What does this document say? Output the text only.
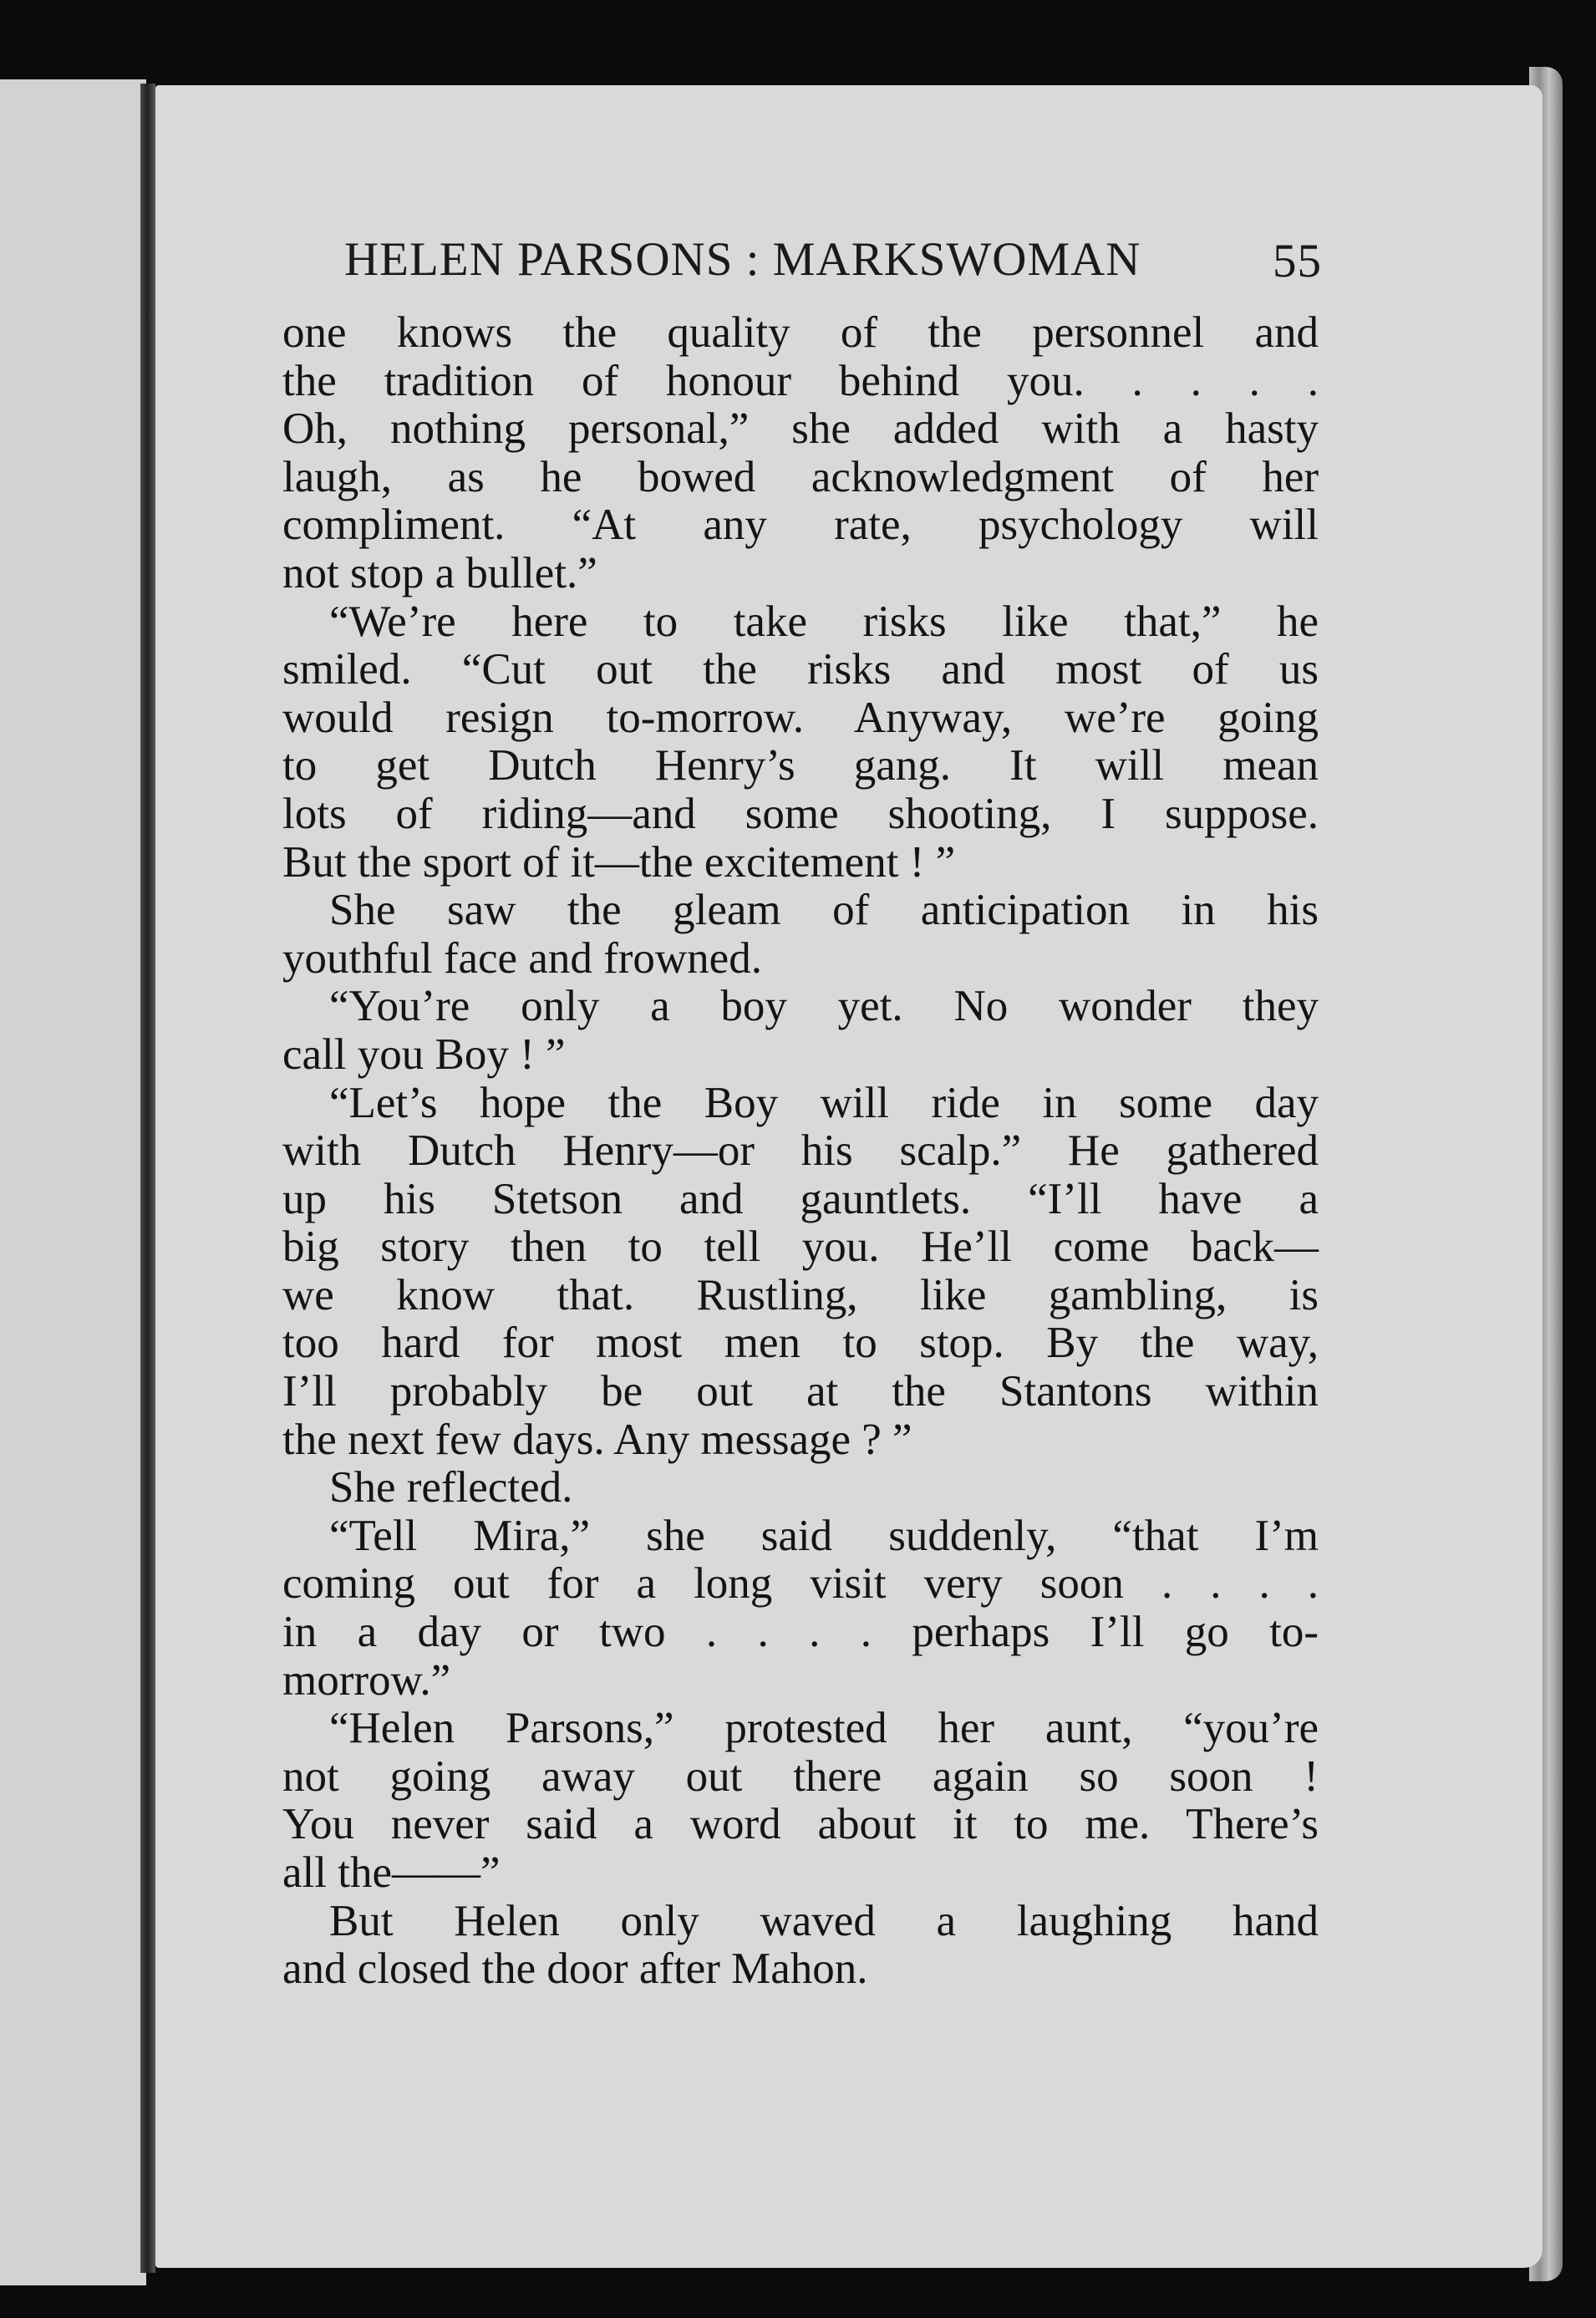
HELEN PARSONS : MARKSWOMAN	55
one knows the quality of the personnel and
the tradition of honour behind you. . . . .
Oh, nothing personal,” she added with a hasty
laugh, as he bowed acknowledgment of her
compliment. “At any rate, psychology will
not stop a bullet.”
“We’re here to take risks like that,” he
smiled. “Cut out the risks and most of us
would resign to-morrow. Anyway, we’re going
to get Dutch Henry’s gang. It will mean
lots of riding—and some shooting, I suppose.
But the sport of it—the excitement ! ”
She saw the gleam of anticipation in his
youthful face and frowned.
“You’re only a boy yet. No wonder they
call you Boy ! ”
“Let’s hope the Boy will ride in some day
with Dutch Henry—or his scalp.” He gathered
up his Stetson and gauntlets. “I’ll have a
big story then to tell you. He’ll come back—
we know that. Rustling, like gambling, is
too hard for most men to stop. By the way,
I’ll probably be out at the Stantons within
the next few days. Any message ? ”
She reflected.
“Tell Mira,” she said suddenly, “that I’m
coming out for a long visit very soon . . . .
in a day or two . . . . perhaps I’ll go to-
morrow.”
“Helen Parsons,” protested her aunt, “you’re
not going away out there again so soon !
You never said a word about it to me. There’s
all the——”
But Helen only waved a laughing hand
and closed the door after Mahon.
